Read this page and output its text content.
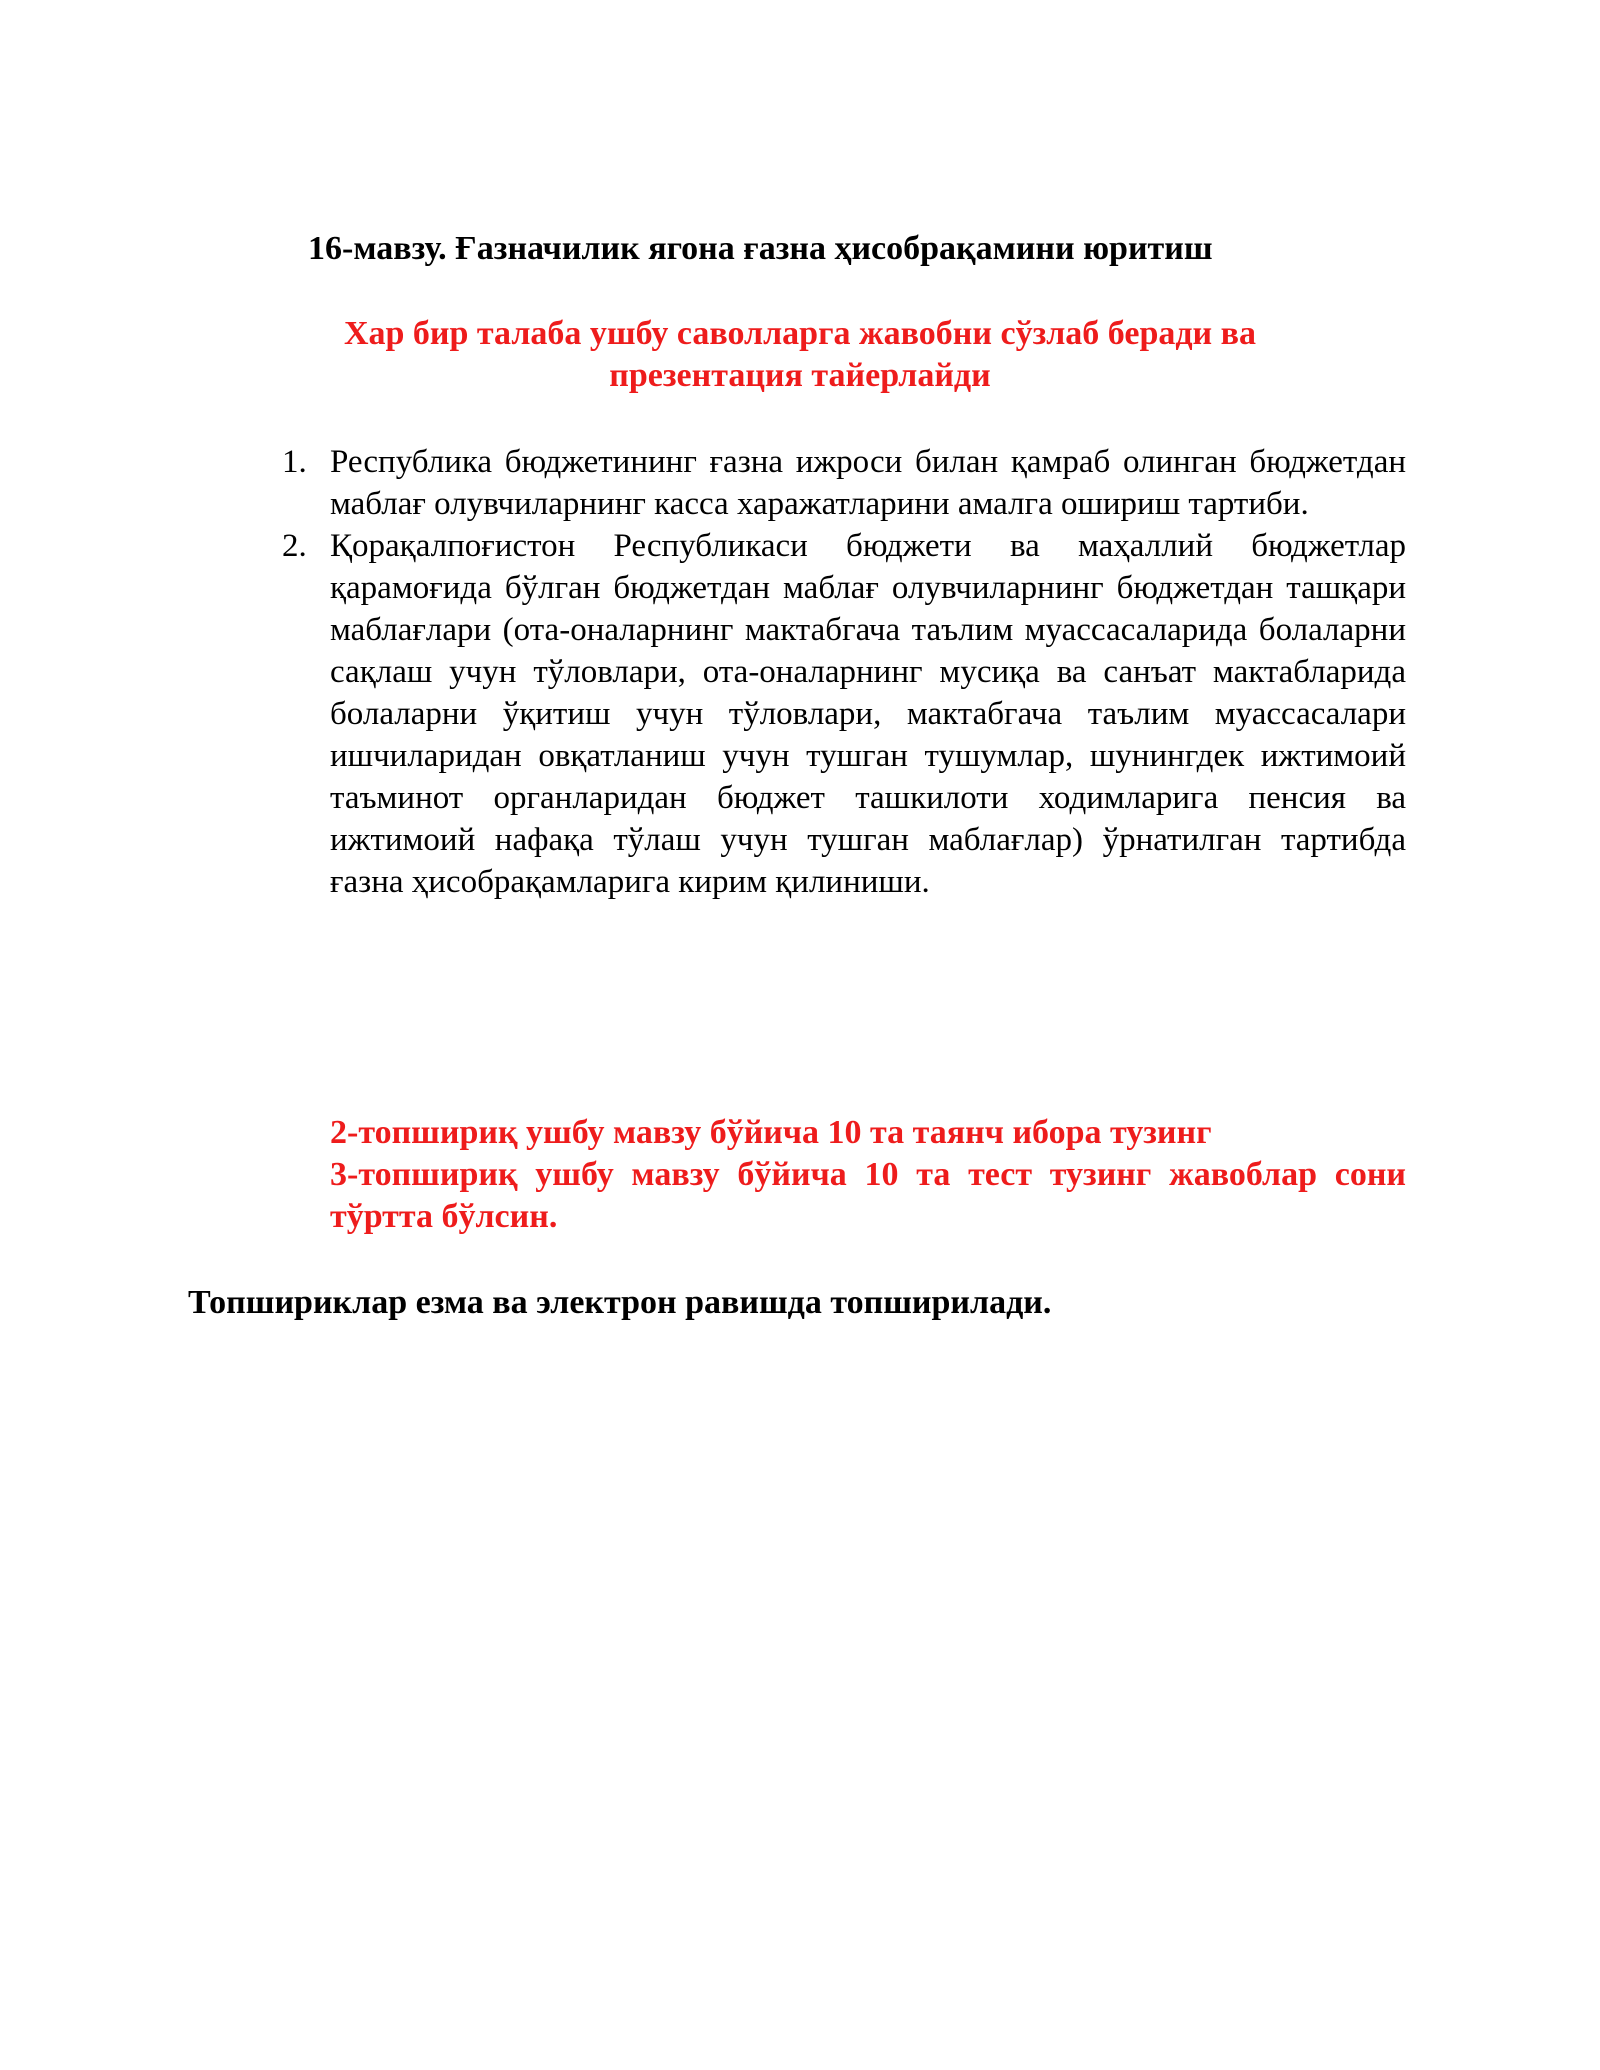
16-мавзу. Ғазначилик ягона ғазна ҳисобрақамини юритиш
Хар бир талаба ушбу саволларга жавобни сўзлаб беради ва
презентация тайерлайди
1. Республика бюджетининг ғазна ижроси билан қамраб олинган бюджетдан маблағ олувчиларнинг касса харажатларини амалга ошириш тартиби.
2. Қорақалпоғистон Республикаси бюджети ва маҳаллий бюджетлар қарамоғида бўлган бюджетдан маблағ олувчиларнинг бюджетдан ташқари маблағлари (ота-оналарнинг мактабгача таълим муассасаларида болаларни сақлаш учун тўловлари, ота-оналарнинг мусиқа ва санъат мактабларида болаларни ўқитиш учун тўловлари, мактабгача таълим муассасалари ишчиларидан овқатланиш учун тушган тушумлар, шунингдек ижтимоий таъминот органларидан бюджет ташкилоти ходимларига пенсия ва ижтимоий нафақа тўлаш учун тушган маблағлар) ўрнатилган тартибда ғазна ҳисобрақамларига кирим қилиниши.
2-топшириқ ушбу мавзу бўйича 10 та таянч ибора тузинг
3-топшириқ ушбу мавзу бўйича 10 та тест тузинг жавоблар сони тўртта бўлсин.
Топшириклар езма ва электрон равишда топширилади.
